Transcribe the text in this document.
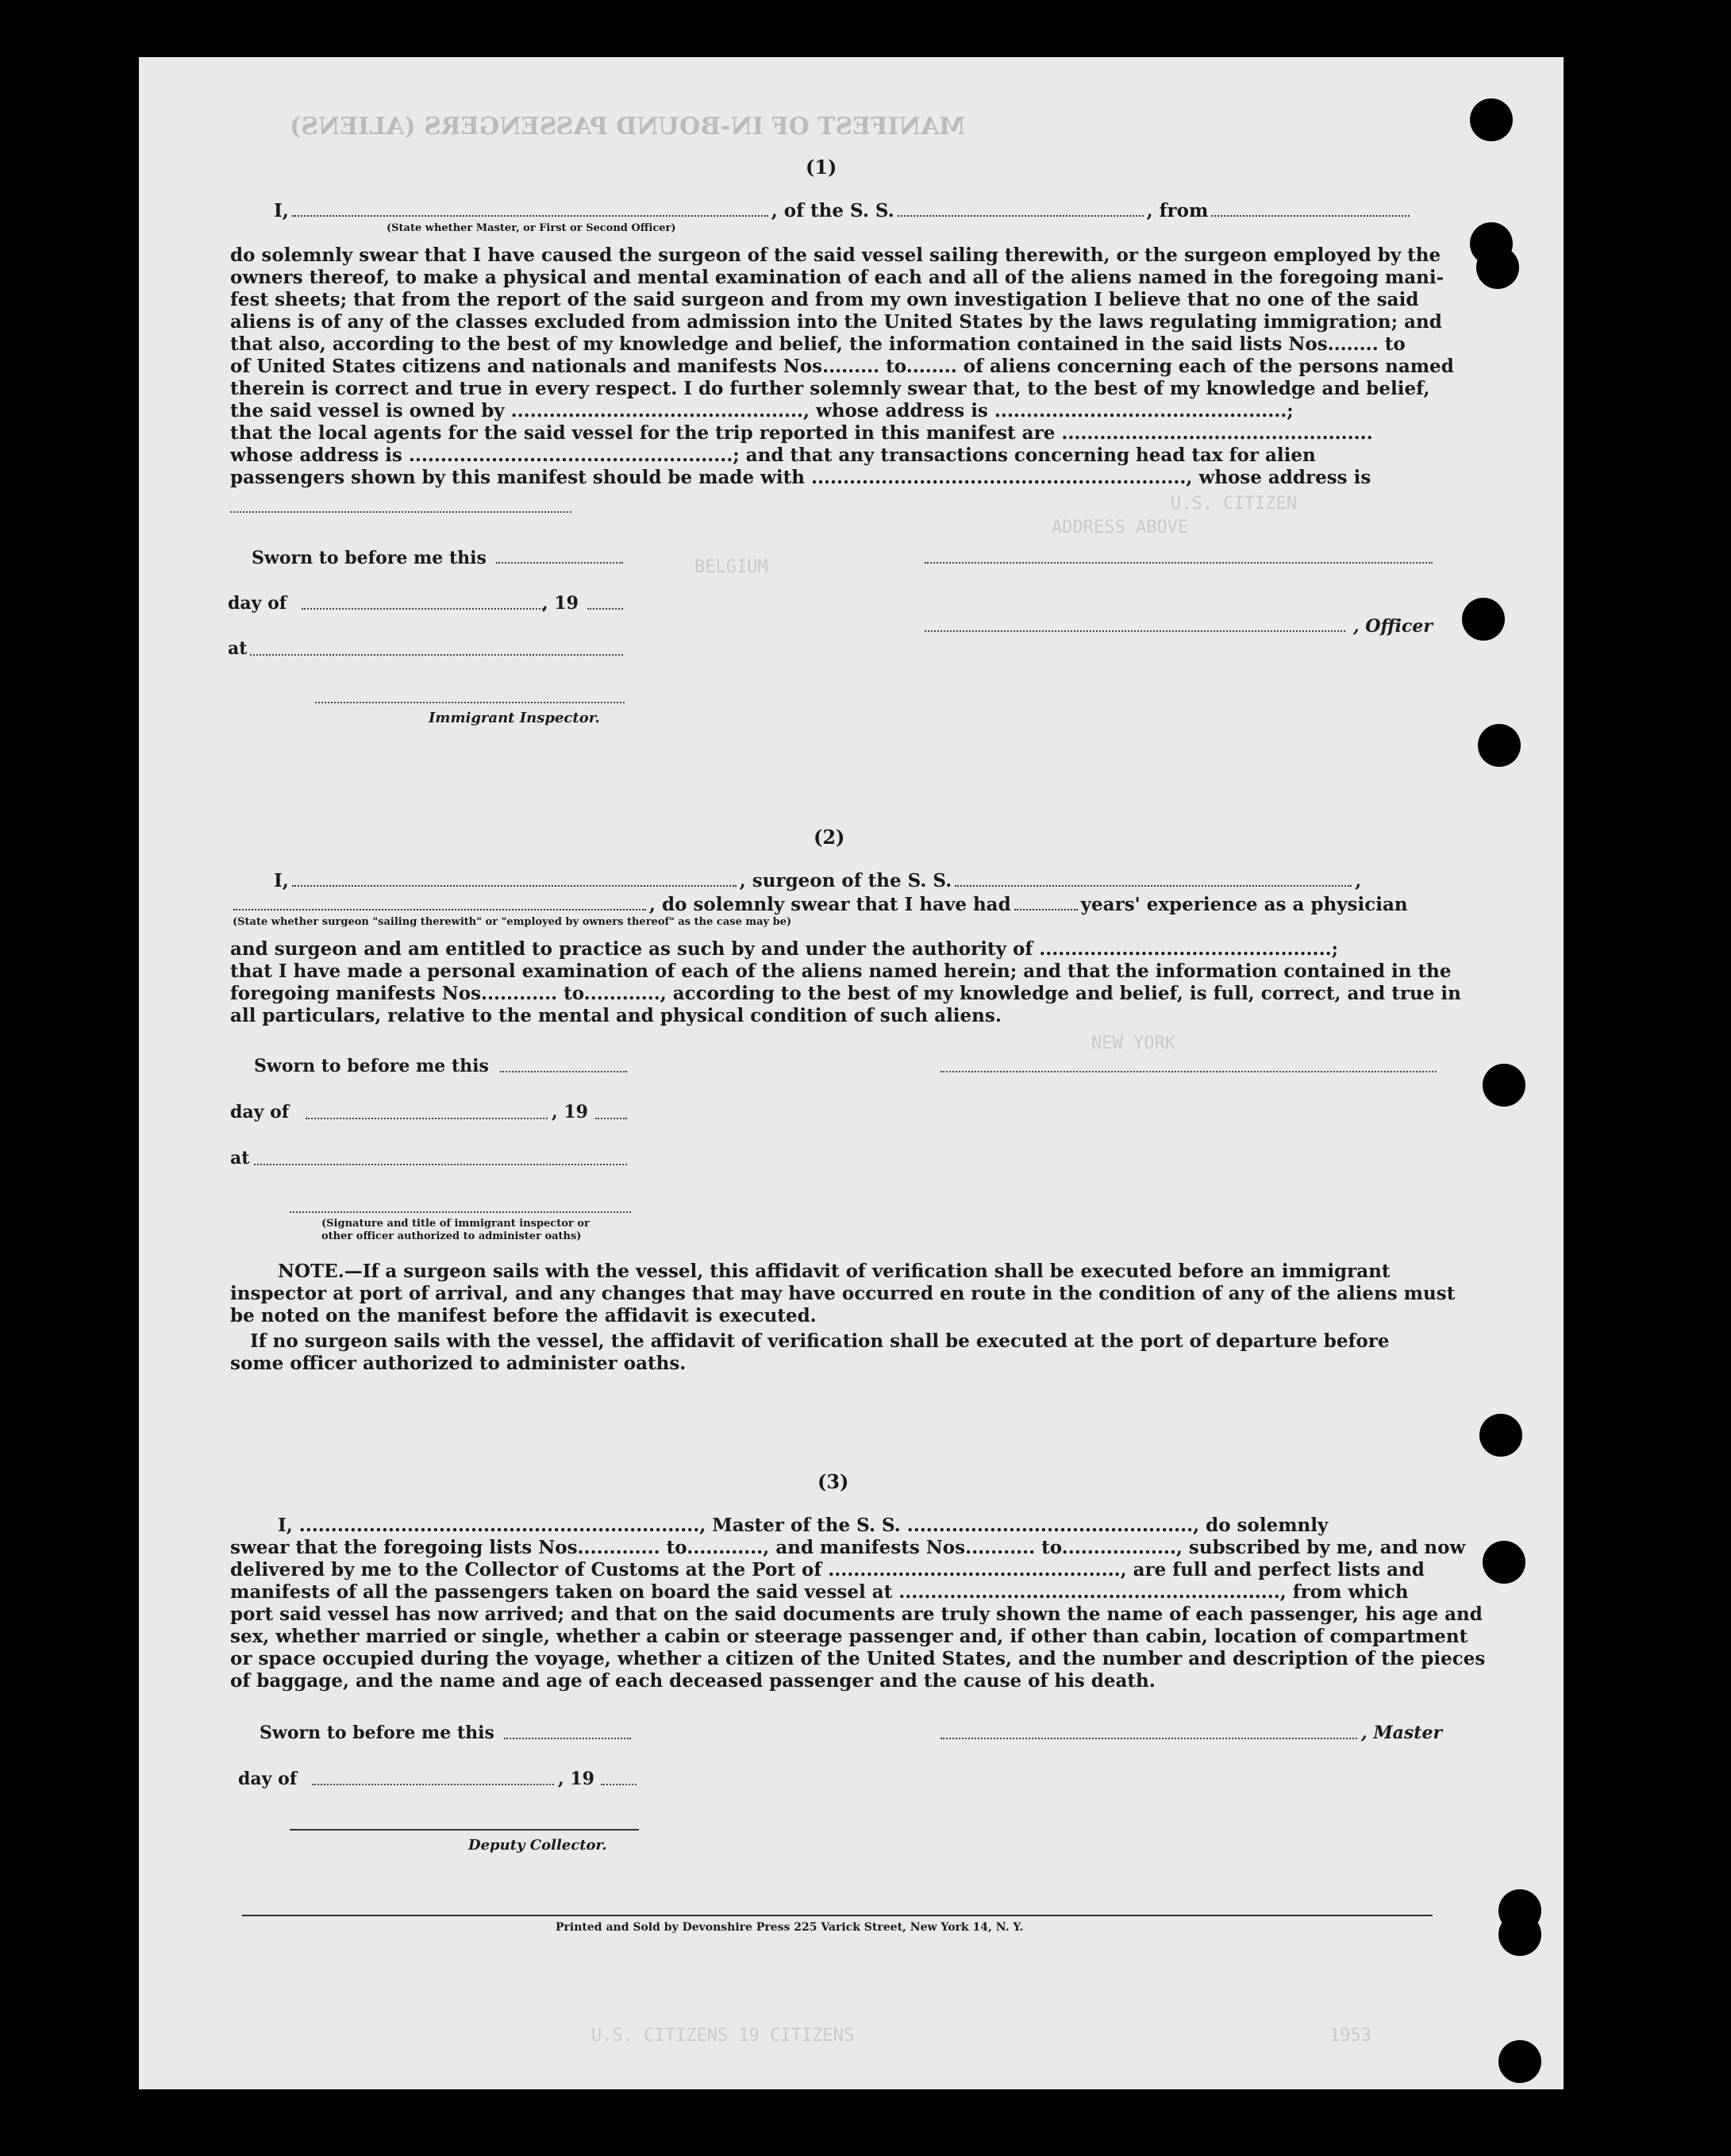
MANIFEST OF IN-BOUND PASSENGERS (ALIENS)
U.S. CITIZEN
ADDRESS ABOVE
BELGIUM
NEW YORK
U.S. CITIZENS 19 CITIZENS	1953
(1)
I,	, of the S. S.	, from
(State whether Master, or First or Second Officer)
do solemnly swear that I have caused the surgeon of the said vessel sailing therewith, or the surgeon employed by the
owners thereof, to make a physical and mental examination of each and all of the aliens named in the foregoing mani-
fest sheets; that from the report of the said surgeon and from my own investigation I believe that no one of the said
aliens is of any of the classes excluded from admission into the United States by the laws regulating immigration; and
that also, according to the best of my knowledge and belief, the information contained in the said lists Nos........ to
of United States citizens and nationals and manifests Nos......... to........ of aliens concerning each of the persons named
therein is correct and true in every respect. I do further solemnly swear that, to the best of my knowledge and belief,
the said vessel is owned by .............................................., whose address is ..............................................;
that the local agents for the said vessel for the trip reported in this manifest are .................................................
whose address is ...................................................; and that any transactions concerning head tax for alien
passengers shown by this manifest should be made with ..........................................................., whose address is
Sworn to before me this
day of	, 19
, Officer
at
Immigrant Inspector.
(2)
I,	, surgeon of the S. S.	,
, do solemnly swear that I have had	years' experience as a physician
(State whether surgeon "sailing therewith" or "employed by owners thereof" as the case may be)
and surgeon and am entitled to practice as such by and under the authority of ..............................................;
that I have made a personal examination of each of the aliens named herein; and that the information contained in the
foregoing manifests Nos............ to............, according to the best of my knowledge and belief, is full, correct, and true in
all particulars, relative to the mental and physical condition of such aliens.
Sworn to before me this
day of	, 19
at
(Signature and title of immigrant inspector or
other officer authorized to administer oaths)
NOTE.—If a surgeon sails with the vessel, this affidavit of verification shall be executed before an immigrant
inspector at port of arrival, and any changes that may have occurred en route in the condition of any of the aliens must
be noted on the manifest before the affidavit is executed.
If no surgeon sails with the vessel, the affidavit of verification shall be executed at the port of departure before
some officer authorized to administer oaths.
(3)
I, ..............................................................., Master of the S. S. ............................................., do solemnly
swear that the foregoing lists Nos............. to............, and manifests Nos........... to.................., subscribed by me, and now
delivered by me to the Collector of Customs at the Port of .............................................., are full and perfect lists and
manifests of all the passengers taken on board the said vessel at ............................................................, from which
port said vessel has now arrived; and that on the said documents are truly shown the name of each passenger, his age and
sex, whether married or single, whether a cabin or steerage passenger and, if other than cabin, location of compartment
or space occupied during the voyage, whether a citizen of the United States, and the number and description of the pieces
of baggage, and the name and age of each deceased passenger and the cause of his death.
Sworn to before me this	, Master
day of	, 19
Deputy Collector.
Printed and Sold by Devonshire Press 225 Varick Street, New York 14, N. Y.
